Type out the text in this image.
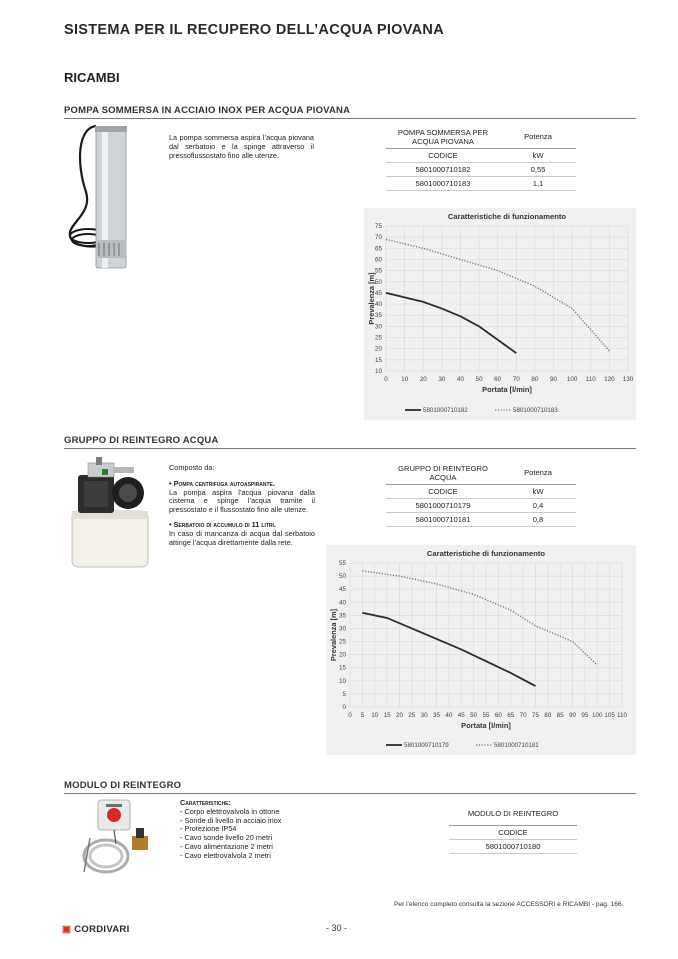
SISTEMA PER IL RECUPERO DELL’ACQUA PIOVANA
RICAMBI
POMPA SOMMERSA IN ACCIAIO INOX PER ACQUA PIOVANA
La pompa sommersa aspira l’acqua piovana dal serbatoio e la spinge attraverso il pressoflussostato fino alle utenze.
POMPA SOMMERSA PER ACQUA PIOVANA	Potenza
CODICE	kW
5801000710182	0,55
5801000710183	1,1
Caratteristiche di funzionamento
10
15
20
25
30
35
40
45
50
55
60
65
70
75
0 10 20 30 40 50 60 70 80 90 100 110 120 130
Portata [l/min]
Prevalenza [m]
5801000710182	5801000710183
GRUPPO DI REINTEGRO ACQUA
Composto da:
• Pompa centrifuga autoaspirante.
La pompa aspira l’acqua piovana dalla cisterna e spinge l’acqua tramite il pressostato e il flussostato fino alle utenze.
• Serbatoio di accumulo di 11 litri.
In caso di mancanza di acqua dal serbatoio attinge l’acqua direttamente dalla rete.
GRUPPO DI REINTEGRO ACQUA	Potenza
CODICE	kW
5801000710179	0,4
5801000710181	0,8
Caratteristiche di funzionamento
0
5
10
15
20
25
30
35
40
45
50
55
0 5 10 15 20 25 30 35 40 45 50 55 60 65 70 75 80 85 90 95 100 105 110
Portata [l/min]
Prevalenza [m]
5801000710179	5801000710181
MODULO DI REINTEGRO
Caratteristiche:
- Corpo elettrovalvola in ottone
- Sonde di livello in acciaio inox
- Protezione IP54
- Cavo sonde livello 20 metri
- Cavo alimentazione 2 metri
- Cavo elettrovalvola 2 metri
MODULO DI REINTEGRO
CODICE
5801000710180
Per l’elenco completo consulta la sezione ACCESSORI e RICAMBI - pag. 166.
▣ CORDIVARI	- 30 -
